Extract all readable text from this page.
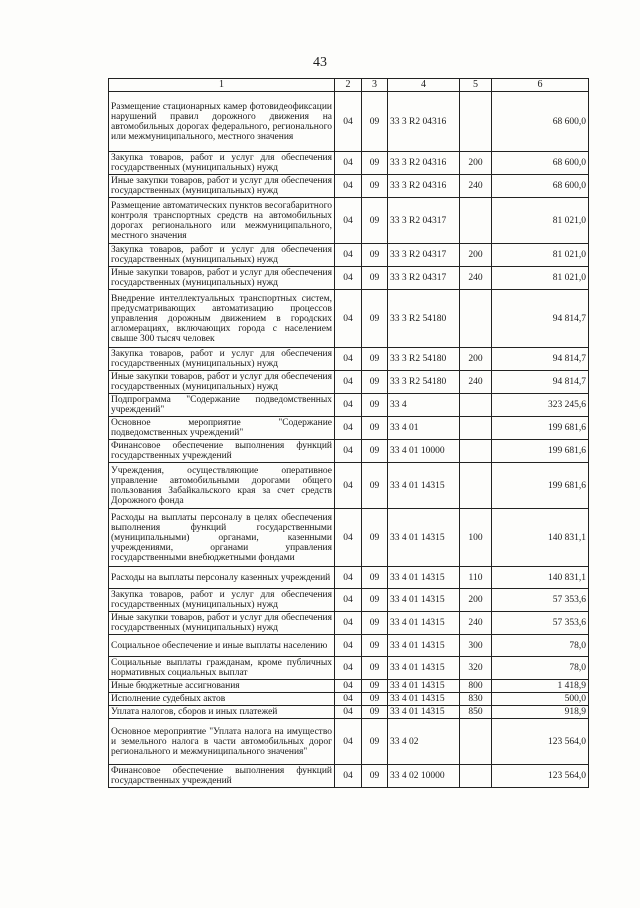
43
1	2	3	4	5	6
Размещение стационарных камер фотовидеофиксации нарушений правил дорожного движения на автомобильных дорогах федерального, регионального или межмуниципального, местного значения	04	09	33 3 R2 04316		68 600,0
Закупка товаров, работ и услуг для обеспечения государственных (муниципальных) нужд	04	09	33 3 R2 04316	200	68 600,0
Иные закупки товаров, работ и услуг для обеспечения государственных (муниципальных) нужд	04	09	33 3 R2 04316	240	68 600,0
Размещение автоматических пунктов весогабаритного контроля транспортных средств на автомобильных дорогах регионального или межмуниципального, местного значения	04	09	33 3 R2 04317		81 021,0
Закупка товаров, работ и услуг для обеспечения государственных (муниципальных) нужд	04	09	33 3 R2 04317	200	81 021,0
Иные закупки товаров, работ и услуг для обеспечения государственных (муниципальных) нужд	04	09	33 3 R2 04317	240	81 021,0
Внедрение интеллектуальных транспортных систем, предусматривающих автоматизацию процессов управления дорожным движением в городских агломерациях, включающих города с населением свыше 300 тысяч человек	04	09	33 3 R2 54180		94 814,7
Закупка товаров, работ и услуг для обеспечения государственных (муниципальных) нужд	04	09	33 3 R2 54180	200	94 814,7
Иные закупки товаров, работ и услуг для обеспечения государственных (муниципальных) нужд	04	09	33 3 R2 54180	240	94 814,7
Подпрограмма "Содержание подведомственных учреждений"	04	09	33 4		323 245,6
Основное мероприятие "Содержание подведомственных учреждений"	04	09	33 4 01		199 681,6
Финансовое обеспечение выполнения функций государственных учреждений	04	09	33 4 01 10000		199 681,6
Учреждения, осуществляющие оперативное управление автомобильными дорогами общего пользования Забайкальского края за счет средств Дорожного фонда	04	09	33 4 01 14315		199 681,6
Расходы на выплаты персоналу в целях обеспечения выполнения функций государственными (муниципальными) органами, казенными учреждениями, органами управления государственными внебюджетными фондами	04	09	33 4 01 14315	100	140 831,1
Расходы на выплаты персоналу казенных учреждений	04	09	33 4 01 14315	110	140 831,1
Закупка товаров, работ и услуг для обеспечения государственных (муниципальных) нужд	04	09	33 4 01 14315	200	57 353,6
Иные закупки товаров, работ и услуг для обеспечения государственных (муниципальных) нужд	04	09	33 4 01 14315	240	57 353,6
Социальное обеспечение и иные выплаты населению	04	09	33 4 01 14315	300	78,0
Социальные выплаты гражданам, кроме публичных нормативных социальных выплат	04	09	33 4 01 14315	320	78,0
Иные бюджетные ассигнования	04	09	33 4 01 14315	800	1 418,9
Исполнение судебных актов	04	09	33 4 01 14315	830	500,0
Уплата налогов, сборов и иных платежей	04	09	33 4 01 14315	850	918,9
Основное мероприятие "Уплата налога на имущество и земельного налога в части автомобильных дорог регионального и межмуниципального значения"	04	09	33 4 02		123 564,0
Финансовое обеспечение выполнения функций государственных учреждений	04	09	33 4 02 10000		123 564,0
